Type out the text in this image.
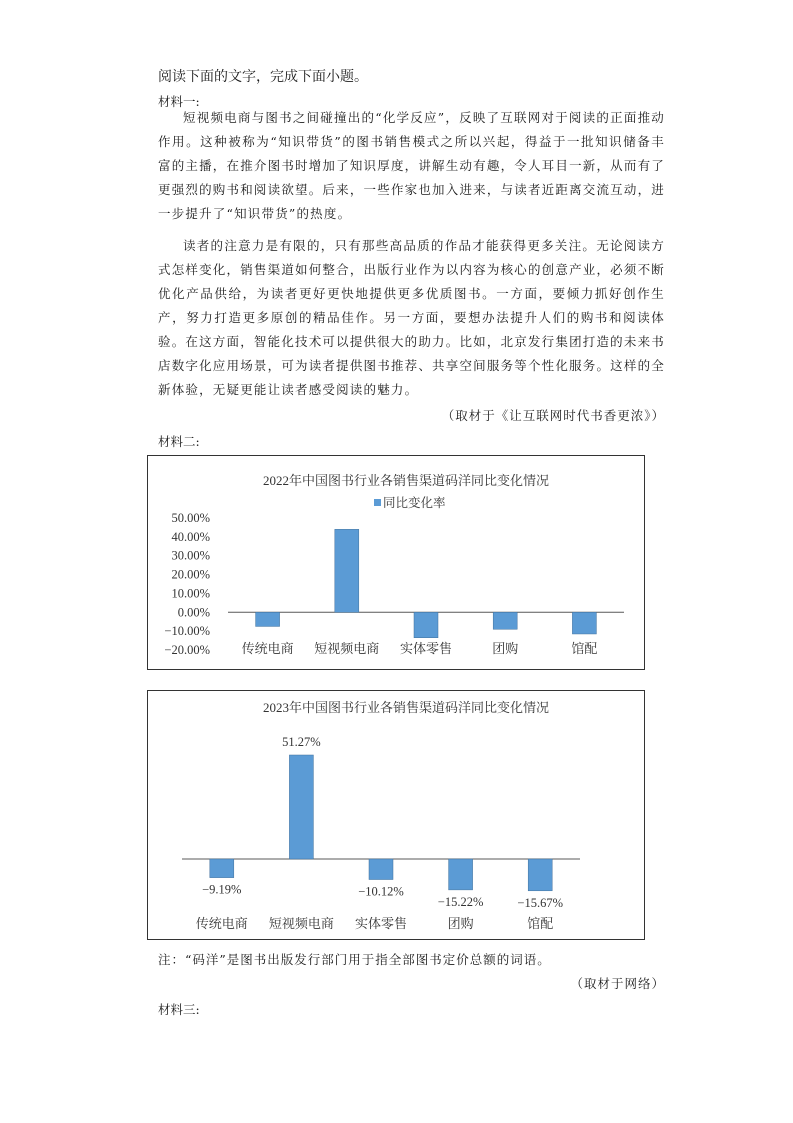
阅读下面的文字，完成下面小题。
材料一:

短视频电商与图书之间碰撞出的“化学反应”，反映了互联网对于阅读的正面推动作用。这种被称为“知识带货”的图书销售模式之所以兴起，得益于一批知识储备丰富的主播，在推介图书时增加了知识厚度，讲解生动有趣，令人耳目一新，从而有了更强烈的购书和阅读欲望。后来，一些作家也加入进来，与读者近距离交流互动，进一步提升了“知识带货”的热度。

读者的注意力是有限的，只有那些高品质的作品才能获得更多关注。无论阅读方式怎样变化，销售渠道如何整合，出版行业作为以内容为核心的创意产业，必须不断优化产品供给，为读者更好更快地提供更多优质图书。一方面，要倾力抓好创作生产，努力打造更多原创的精品佳作。另一方面，要想办法提升人们的购书和阅读体验。在这方面，智能化技术可以提供很大的助力。比如，北京发行集团打造的未来书店数字化应用场景，可为读者提供图书推荐、共享空间服务等个性化服务。这样的全新体验，无疑更能让读者感受阅读的魅力。

（取材于《让互联网时代书香更浓》）
材料二:
2022年中国图书行业各销售渠道码洋同比变化情况
同比变化率
50.00%
40.00%
30.00%
20.00%
10.00%
0.00%
−10.00%
−20.00% 传统电商 短视频电商 实体零售	团购	馆配
2023年中国图书行业各销售渠道码洋同比变化情况
−9.19%
51.27%
−10.12%
−15.22%	−15.67%
传统电商 短视频电商 实体零售	团购	馆配
注：“码洋”是图书出版发行部门用于指全部图书定价总额的词语。
（取材于网络）
材料三:
